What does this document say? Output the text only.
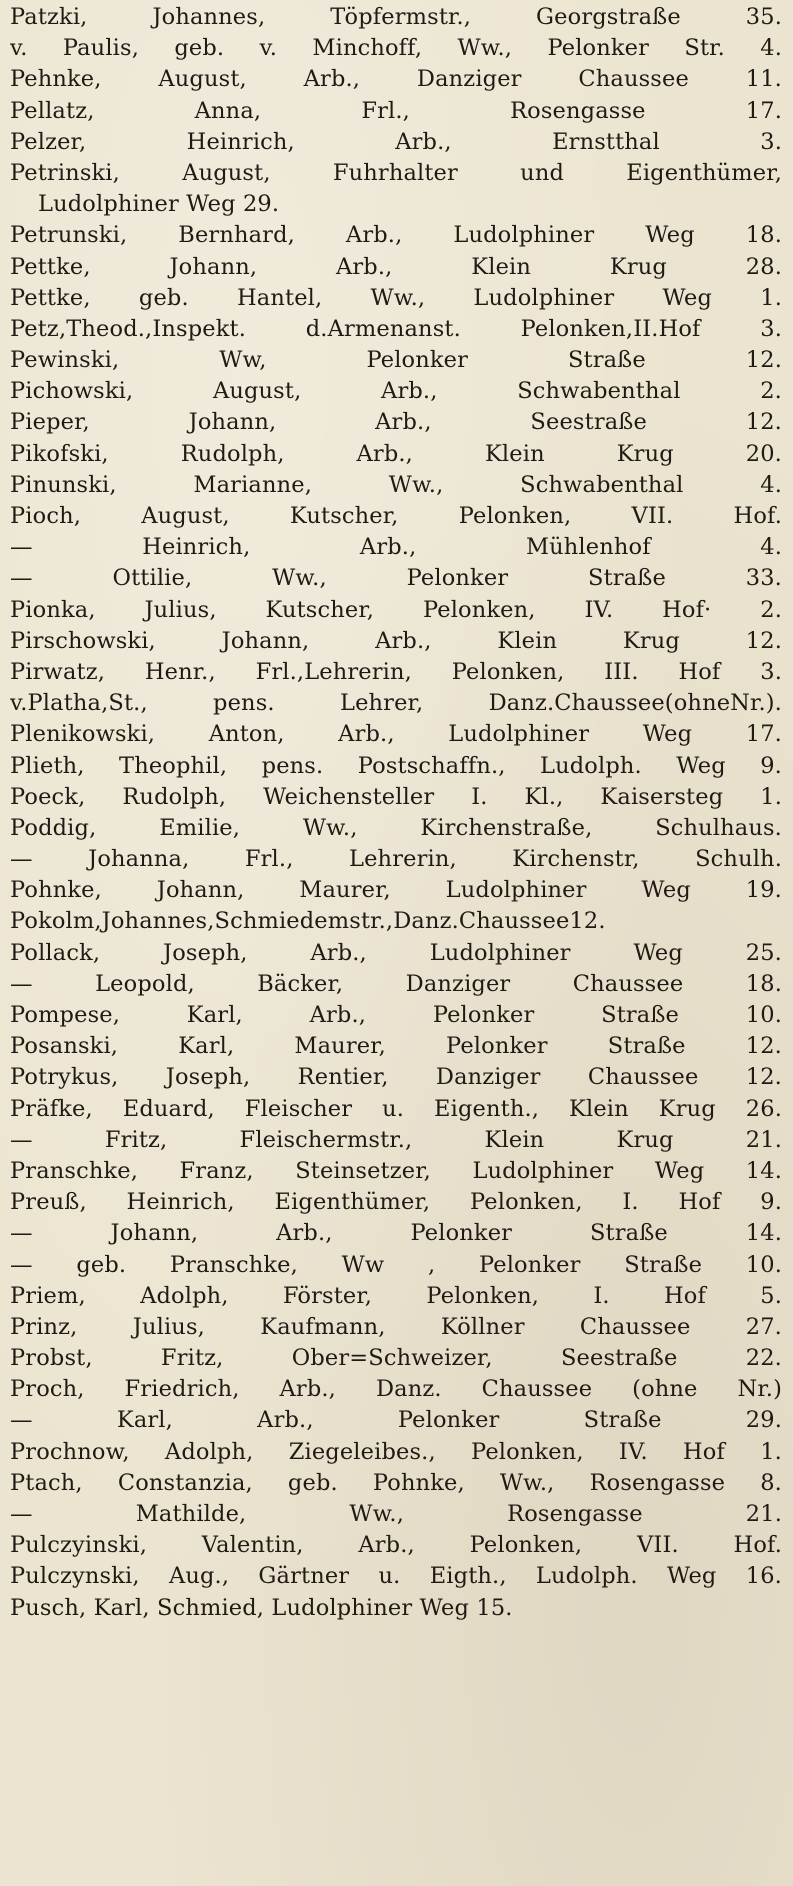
Patzki, Johannes, Töpfermstr., Georgstraße 35.
v. Paulis, geb. v. Minchoff, Ww., Pelonker Str. 4.
Pehnke, August, Arb., Danziger Chaussee 11.
Pellatz, Anna, Frl., Rosengasse 17.
Pelzer, Heinrich, Arb., Ernstthal 3.
Petrinski, August, Fuhrhalter und Eigenthümer,
Ludolphiner Weg 29.
Petrunski, Bernhard, Arb., Ludolphiner Weg 18.
Pettke, Johann, Arb., Klein Krug 28.
Pettke, geb. Hantel, Ww., Ludolphiner Weg 1.
Petz,Theod.,Inspekt. d.Armenanst. Pelonken,II.Hof 3.
Pewinski, Ww, Pelonker Straße 12.
Pichowski, August, Arb., Schwabenthal 2.
Pieper, Johann, Arb., Seestraße 12.
Pikofski, Rudolph, Arb., Klein Krug 20.
Pinunski, Marianne, Ww., Schwabenthal 4.
Pioch, August, Kutscher, Pelonken, VII. Hof.
— Heinrich, Arb., Mühlenhof 4.
— Ottilie, Ww., Pelonker Straße 33.
Pionka, Julius, Kutscher, Pelonken, IV. Hof· 2.
Pirschowski, Johann, Arb., Klein Krug 12.
Pirwatz, Henr., Frl.,Lehrerin, Pelonken, III. Hof 3.
v.Platha,St., pens. Lehrer, Danz.Chaussee(ohneNr.).
Plenikowski, Anton, Arb., Ludolphiner Weg 17.
Plieth, Theophil, pens. Postschaffn., Ludolph. Weg 9.
Poeck, Rudolph, Weichensteller I. Kl., Kaisersteg 1.
Poddig, Emilie, Ww., Kirchenstraße, Schulhaus.
— Johanna, Frl., Lehrerin, Kirchenstr, Schulh.
Pohnke, Johann, Maurer, Ludolphiner Weg 19.
Pokolm,Johannes,Schmiedemstr.,Danz.Chaussee12.
Pollack, Joseph, Arb., Ludolphiner Weg 25.
— Leopold, Bäcker, Danziger Chaussee 18.
Pompese, Karl, Arb., Pelonker Straße 10.
Posanski, Karl, Maurer, Pelonker Straße 12.
Potrykus, Joseph, Rentier, Danziger Chaussee 12.
Präfke, Eduard, Fleischer u. Eigenth., Klein Krug 26.
— Fritz, Fleischermstr., Klein Krug 21.
Pranschke, Franz, Steinsetzer, Ludolphiner Weg 14.
Preuß, Heinrich, Eigenthümer, Pelonken, I. Hof 9.
— Johann, Arb., Pelonker Straße 14.
— geb. Pranschke, Ww , Pelonker Straße 10.
Priem, Adolph, Förster, Pelonken, I. Hof 5.
Prinz, Julius, Kaufmann, Köllner Chaussee 27.
Probst, Fritz, Ober=Schweizer, Seestraße 22.
Proch, Friedrich, Arb., Danz. Chaussee (ohne Nr.)
— Karl, Arb., Pelonker Straße 29.
Prochnow, Adolph, Ziegeleibes., Pelonken, IV. Hof 1.
Ptach, Constanzia, geb. Pohnke, Ww., Rosengasse 8.
— Mathilde, Ww., Rosengasse 21.
Pulczyinski, Valentin, Arb., Pelonken, VII. Hof.
Pulczynski, Aug., Gärtner u. Eigth., Ludolph. Weg 16.
Pusch, Karl, Schmied, Ludolphiner Weg 15.
